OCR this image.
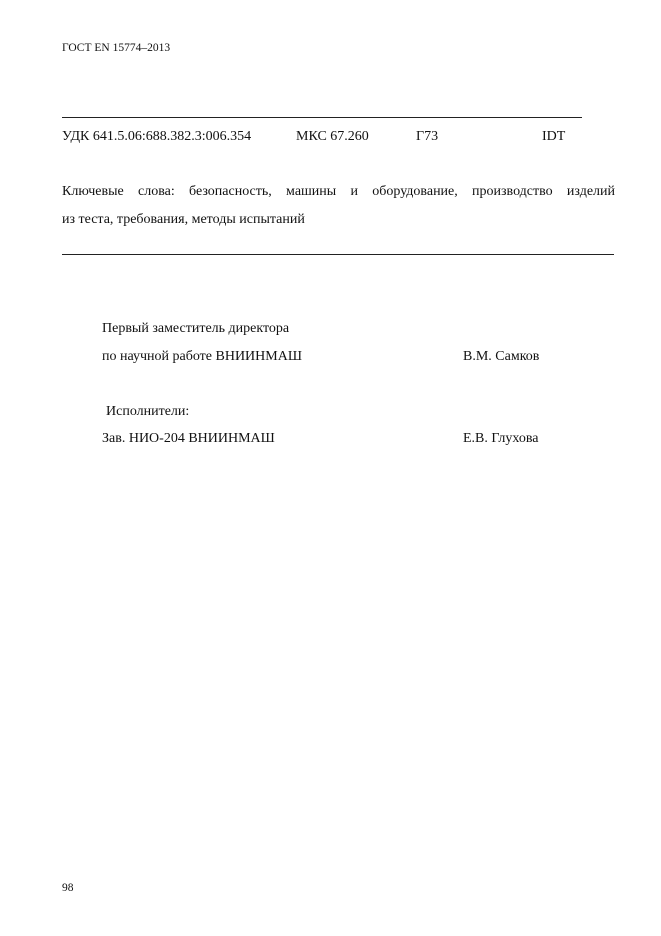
ГОСТ EN 15774–2013
УДК 641.5.06:688.382.3:006.354	МКС 67.260	Г73	IDT
Ключевые слова: безопасность, машины и оборудование, производство изделий
из теста, требования, методы испытаний
Первый заместитель директора
по научной работе ВНИИНМАШ	В.М. Самков
Исполнители:
Зав. НИО-204 ВНИИНМАШ	Е.В. Глухова
98
